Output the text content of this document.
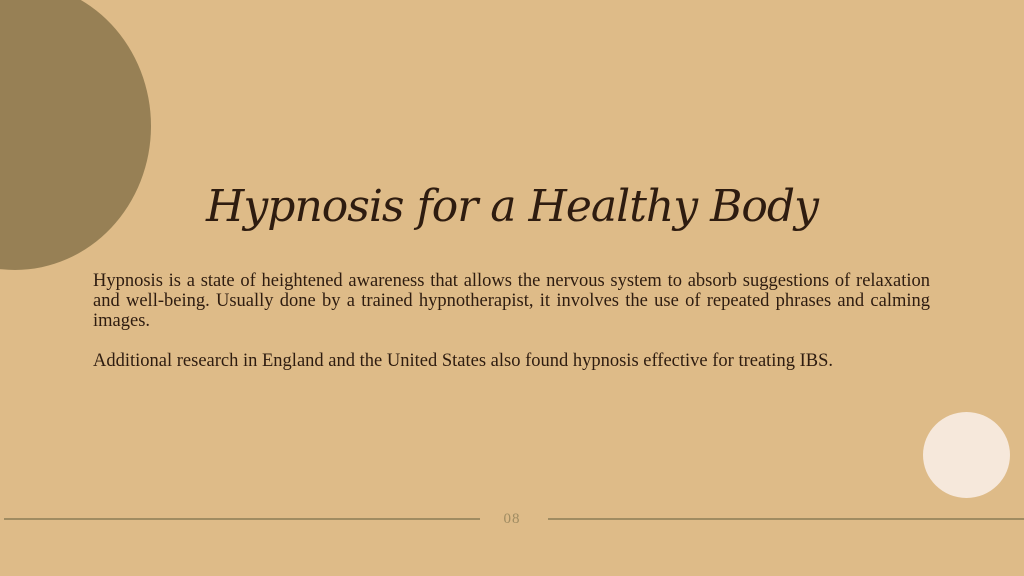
Hypnosis for a Healthy Body

Hypnosis is a state of heightened awareness that allows the nervous system to absorb suggestions of relaxation and well-being. Usually done by a trained hypnotherapist, it involves the use of repeated phrases and calming images.

Additional research in England and the United States also found hypnosis effective for treating IBS.

08
